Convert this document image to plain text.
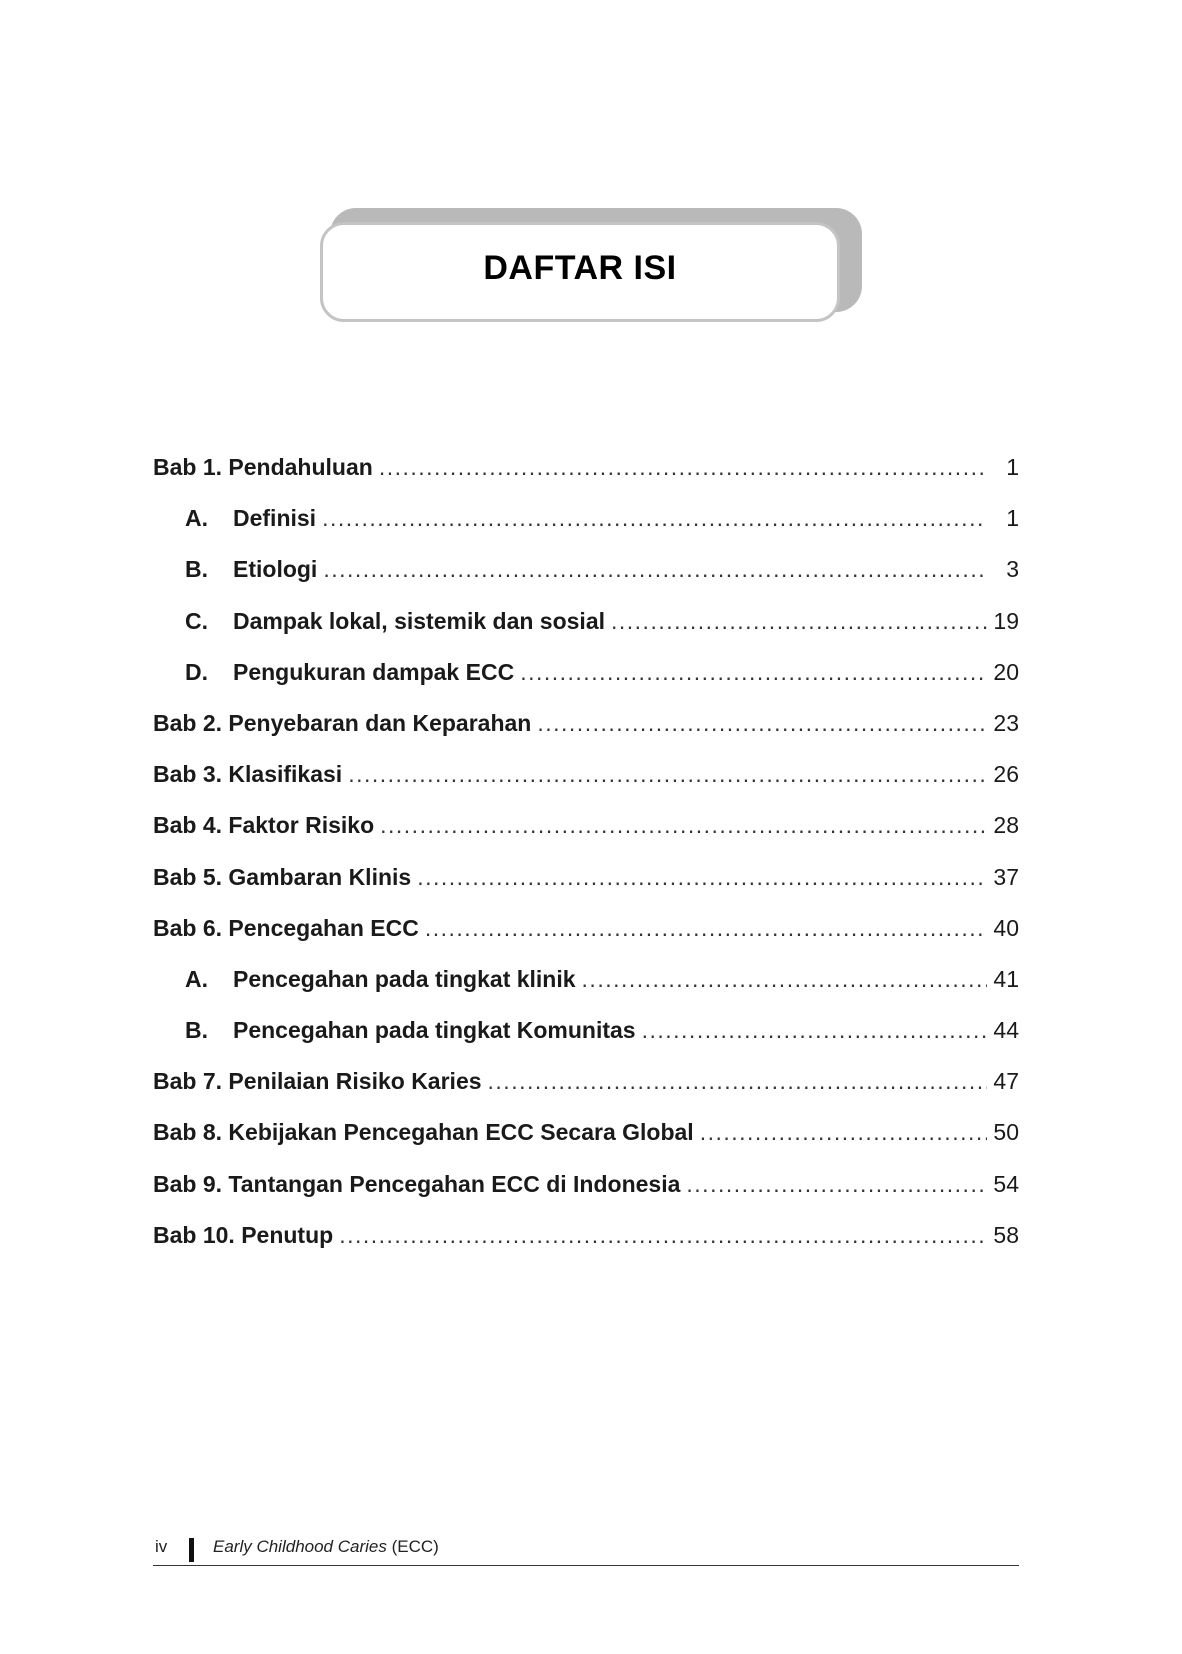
DAFTAR ISI
Bab 1. Pendahuluan .....	1
A.	Definisi .....	1
B.	Etiologi .....	3
C.	Dampak lokal, sistemik dan sosial .....	19
D.	Pengukuran dampak ECC .....	20
Bab 2. Penyebaran dan Keparahan .....	23
Bab 3. Klasifikasi .....	26
Bab 4. Faktor Risiko .....	28
Bab 5. Gambaran Klinis .....	37
Bab 6. Pencegahan ECC .....	40
A.	Pencegahan pada tingkat klinik .....	41
B.	Pencegahan pada tingkat Komunitas .....	44
Bab 7. Penilaian Risiko Karies .....	47
Bab 8. Kebijakan Pencegahan ECC Secara Global .....	50
Bab 9. Tantangan Pencegahan ECC di Indonesia .....	54
Bab 10. Penutup .....	58
iv	Early Childhood Caries (ECC)
